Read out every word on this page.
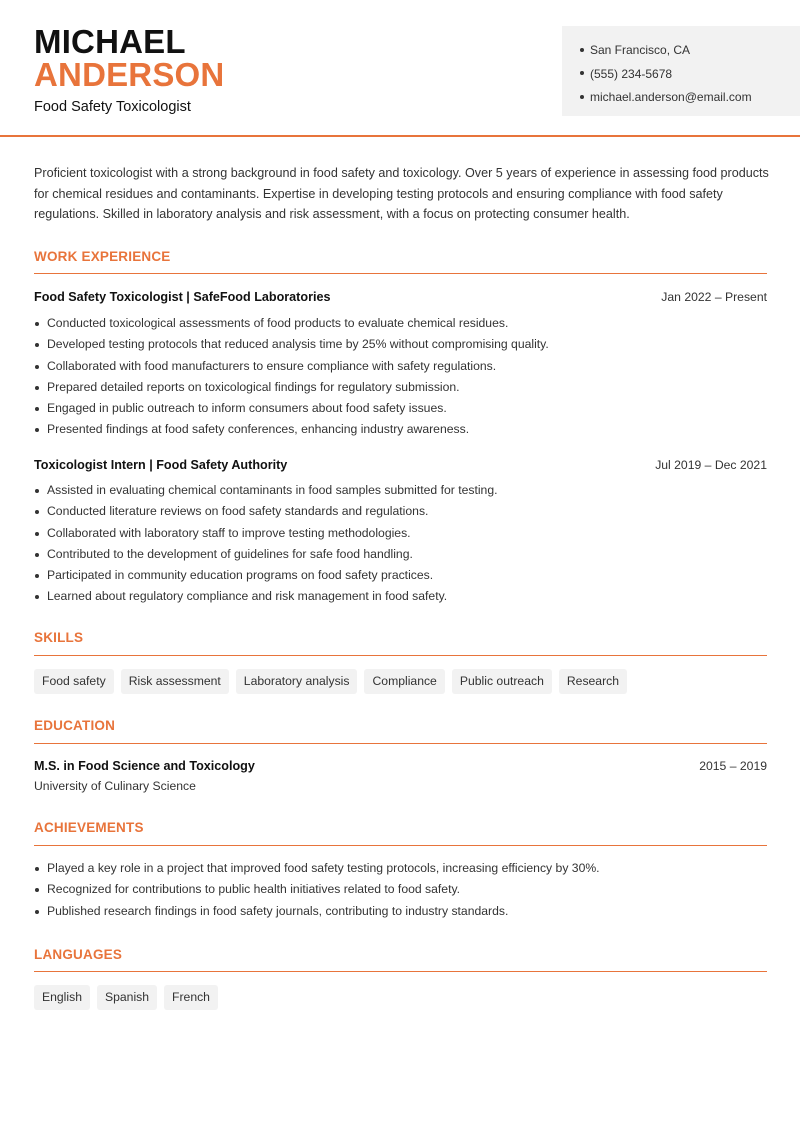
MICHAEL
ANDERSON
Food Safety Toxicologist
San Francisco, CA
(555) 234-5678
michael.anderson@email.com

Proficient toxicologist with a strong background in food safety and toxicology. Over 5 years of experience in assessing food products for chemical residues and contaminants. Expertise in developing testing protocols and ensuring compliance with food safety regulations. Skilled in laboratory analysis and risk assessment, with a focus on protecting consumer health.

WORK EXPERIENCE
Food Safety Toxicologist | SafeFood Laboratories	Jan 2022 – Present
Conducted toxicological assessments of food products to evaluate chemical residues.
Developed testing protocols that reduced analysis time by 25% without compromising quality.
Collaborated with food manufacturers to ensure compliance with safety regulations.
Prepared detailed reports on toxicological findings for regulatory submission.
Engaged in public outreach to inform consumers about food safety issues.
Presented findings at food safety conferences, enhancing industry awareness.
Toxicologist Intern | Food Safety Authority	Jul 2019 – Dec 2021
Assisted in evaluating chemical contaminants in food samples submitted for testing.
Conducted literature reviews on food safety standards and regulations.
Collaborated with laboratory staff to improve testing methodologies.
Contributed to the development of guidelines for safe food handling.
Participated in community education programs on food safety practices.
Learned about regulatory compliance and risk management in food safety.
SKILLS
Food safety	Risk assessment	Laboratory analysis	Compliance	Public outreach	Research
EDUCATION
M.S. in Food Science and Toxicology	2015 – 2019
University of Culinary Science
ACHIEVEMENTS
Played a key role in a project that improved food safety testing protocols, increasing efficiency by 30%.
Recognized for contributions to public health initiatives related to food safety.
Published research findings in food safety journals, contributing to industry standards.
LANGUAGES
English	Spanish	French
